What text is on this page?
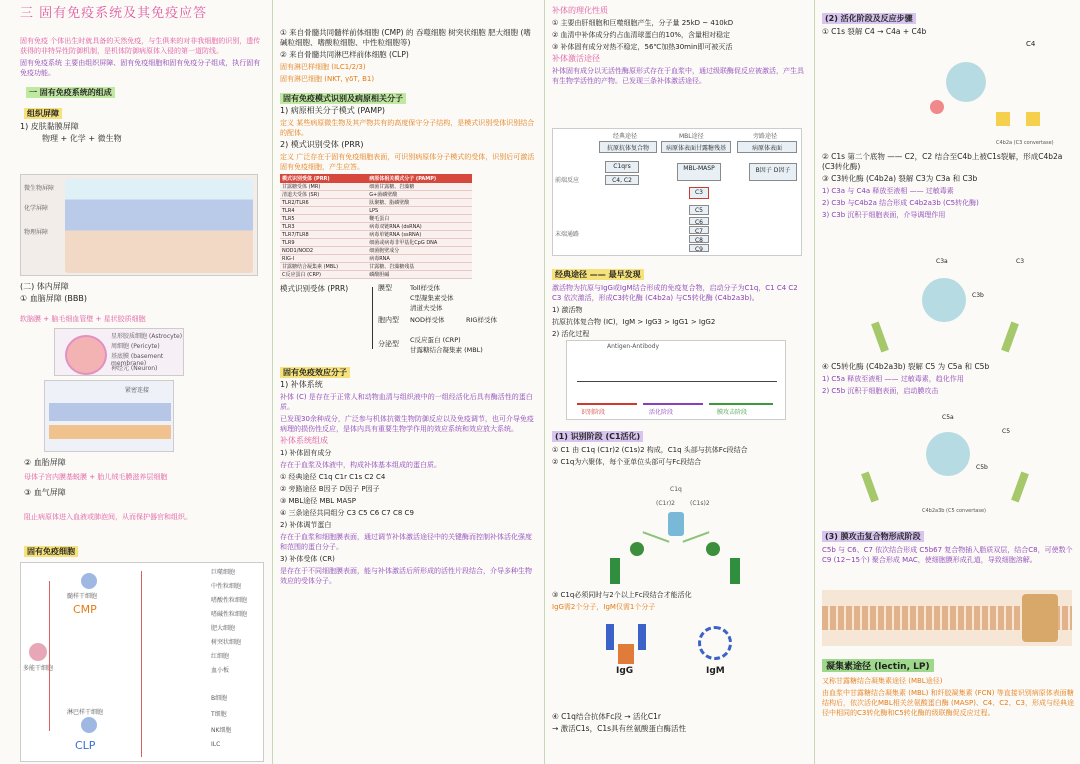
三 固有免疫系统及其免疫应答
固有免疫 个体出生时就具备的天然免疫，与生俱来的对非我细胞的识别，遗传获得的非特异性防御机制，是机体防御病原体入侵的第一道防线。
固有免疫系统 主要由组织屏障、固有免疫细胞和固有免疫分子组成，执行固有免疫功能。
一 固有免疫系统的组成
组织屏障
1) 皮肤黏膜屏障
物理 + 化学 + 微生物
微生物屏障
化学屏障
物理屏障
(二) 体内屏障
① 血脑屏障 (BBB)
软脑膜 + 脑毛细血管壁 + 星状胶质细胞
星形胶质细胞 (Astrocyte)
周细胞 (Pericyte)
基底膜 (basement membrane)
神经元 (Neuron)
紧密连接
② 血胎屏障
母体子宫内膜基蜕膜 + 胎儿绒毛膜滋养层细胞
③ 血气屏障
阻止病原体进入血液或肺泡间，从而保护器官和组织。
固有免疫细胞
多能干细胞
髓样干细胞
CMP
淋巴样干细胞
CLP
巨噬细胞
中性粒细胞
嗜酸性粒细胞
嗜碱性粒细胞
肥大细胞
树突状细胞
红细胞
血小板
B细胞
T细胞
NK细胞
ILC
① 来自骨髓共同髓样前体细胞 (CMP) 的 吞噬细胞 树突状细胞 肥大细胞 (嗜碱粒细胞、嗜酸粒细胞、中性粒细胞等)
② 来自骨髓共同淋巴样前体细胞 (CLP)
固有淋巴样细胞 (ILC1/2/3)
固有淋巴细胞 (NKT, γδT, B1)
固有免疫模式识别及病原相关分子
1) 病原相关分子模式 (PAMP)
定义 某些病原微生物及其产物共有的高度保守分子结构，是模式识别受体识别结合的配体。
2) 模式识别受体 (PRR)
定义 广泛存在于固有免疫细胞表面，可识别病原体分子模式的受体，识别后可激活固有免疫细胞，产生应答。
模式识别受体 (PRR)	病原体相关模式分子 (PAMP)
甘露糖受体 (MR)	细菌甘露糖、岩藻糖
清道夫受体 (SR)	G+菌磷壁酸
TLR2/TLR6	肽聚糖、脂磷壁酸
TLR4	LPS
TLR5	鞭毛蛋白
TLR3	病毒双链RNA (dsRNA)
TLR7/TLR8	病毒单链RNA (ssRNA)
TLR9	细菌或病毒非甲基化CpG DNA
NOD1/NOD2	细菌胞壁成分
RIG-I	病毒RNA
甘露糖结合凝集素 (MBL)	甘露糖、岩藻糖残基
C反应蛋白 (CRP)	磷酸胆碱
模式识别受体 (PRR)	膜型	Toll样受体
C型凝集素受体
清道夫受体
胞内型 NOD样受体	RIG样受体
分泌型 C反应蛋白 (CRP)
甘露糖结合凝集素 (MBL)
固有免疫效应分子
1) 补体系统
补体 (C) 是存在于正常人和动物血清与组织液中的一组经活化后具有酶活性的蛋白质。
已发现30余种成分，广泛参与机体抗微生物防御反应以及免疫调节，也可介导免疫病理的损伤性反应，是体内具有重要生物学作用的效应系统和效应放大系统。
补体系统组成
1) 补体固有成分
存在于血浆及体液中，构成补体基本组成的蛋白质。
① 经典途径 C1q C1r C1s C2 C4
② 旁路途径 B因子 D因子 P因子
③ MBL途径 MBL MASP
④ 三条途径共同组分 C3 C5 C6 C7 C8 C9
2) 补体调节蛋白
存在于血浆和细胞膜表面，通过调节补体激活途径中的关键酶而控制补体活化强度和范围的蛋白分子。
3) 补体受体 (CR)
是存在于不同细胞膜表面，能与补体激活后所形成的活性片段结合，介导多种生物效应的受体分子。
补体的理化性质
① 主要由肝细胞和巨噬细胞产生，分子量 25kD ~ 410kD
② 血清中补体成分约占血清球蛋白的10%，含量相对稳定
③ 补体固有成分对热不稳定，56℃加热30min即可被灭活
补体激活途径
补体固有成分以无活性酶原形式存在于血浆中，通过级联酶促反应被激活，产生具有生物学活性的产物。已发现三条补体激活途径。
经典途径	MBL途径	旁路途径
抗原抗体复合物	病原体表面甘露糖残基	病原体表面
前端反应
末端通路
C1qrs
C4, C2
MBL-MASP	B因子 D因子
C3
C5
C6
C7
C8
C9
经典途径 —— 最早发现
激活物为抗原与IgG或IgM结合形成的免疫复合物，启动分子为C1q，C1 C4 C2 C3 依次激活，形成C3转化酶 (C4b2a) 与C5转化酶 (C4b2a3b)。
1) 激活物
抗原抗体复合物 (IC)，IgM > IgG3 > IgG1 > IgG2
2) 活化过程
Antigen-Antibody
识别阶段	活化阶段	膜攻击阶段
(1) 识别阶段 (C1活化)
① C1 由 C1q (C1r)2 (C1s)2 构成，C1q 头部与抗体Fc段结合
② C1q为六聚体，每个亚单位头部可与Fc段结合
C1q
(C1r)2	(C1s)2
③ C1q必须同时与2个以上Fc段结合才能活化
IgG需2个分子，IgM仅需1个分子
IgG	IgM
④ C1q结合抗体Fc段 → 活化C1r
→ 激活C1s，C1s具有丝氨酸蛋白酶活性
(2) 活化阶段及反应步骤
① C1s 裂解 C4 → C4a + C4b
C4
C4b2a (C3 convertase)
② C1s 第二个底物 —— C2，C2 结合至C4b上被C1s裂解，形成C4b2a (C3转化酶)
③ C3转化酶 (C4b2a) 裂解 C3为 C3a 和 C3b
1) C3a 与 C4a 释放至液相 —— 过敏毒素
2) C3b 与C4b2a 结合形成 C4b2a3b (C5转化酶)
3) C3b 沉积于细胞表面，介导调理作用
C3a	C3
C3b
④ C5转化酶 (C4b2a3b) 裂解 C5 为 C5a 和 C5b
1) C5a 释放至液相 —— 过敏毒素，趋化作用
2) C5b 沉积于细胞表面，启动膜攻击
C5a
C5
C5b
C4b2a3b (C5 convertase)
(3) 膜攻击复合物形成阶段
C5b 与 C6、C7 依次结合形成 C5b67 复合物插入脂质双层，结合C8，可使数个C9 (12~15个) 聚合形成 MAC，使细胞膜形成孔道，导致细胞溶解。
凝集素途径 (lectin, LP)
又称甘露糖结合凝集素途径 (MBL途径)
由血浆中甘露糖结合凝集素 (MBL) 和纤胶凝集素 (FCN) 等直接识别病原体表面糖结构后，依次活化MBL相关丝氨酸蛋白酶 (MASP)、C4、C2、C3，形成与经典途径中相同的C3转化酶和C5转化酶的级联酶促反应过程。
